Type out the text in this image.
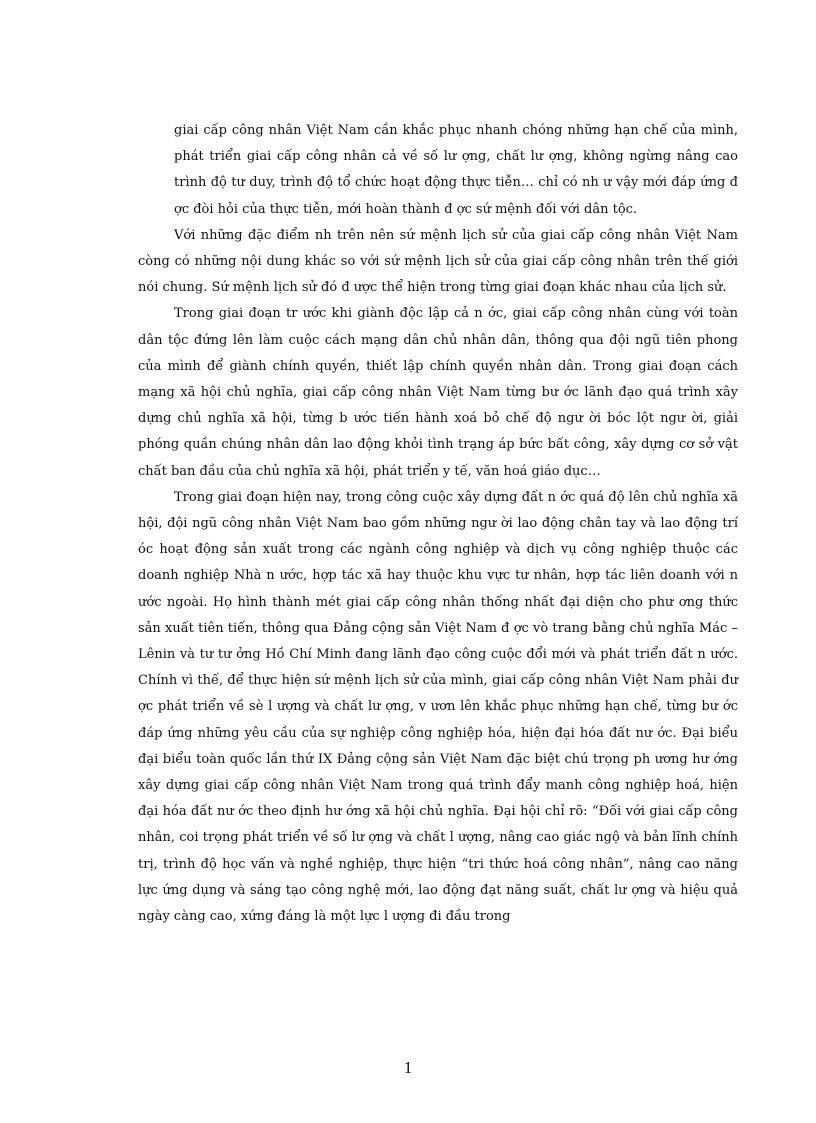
giai cấp công nhân Việt Nam cần khắc phục nhanh chóng những hạn chế của mình, phát triển giai cấp công nhân cả về số lư ợng, chất lư ợng, không ngừng nâng cao trình độ tư duy, trình độ tổ chức hoạt động thực tiễn… chỉ có nh ư vậy mới đáp ứng đ ợc đòi hỏi của thực tiễn, mới hoàn thành đ ợc sứ mệnh đối với dân tộc.

Với những đặc điểm nh trên nên sứ mệnh lịch sử của giai cấp công nhân Việt Nam còng có những nội dung khác so với sứ mệnh lịch sử của giai cấp công nhân trên thế giới nói chung. Sứ mệnh lịch sử đó đ ược thể hiện trong từng giai đoạn khác nhau của lịch sử.

Trong giai đoạn tr ước khi giành độc lập cả n ớc, giai cấp công nhân cùng với toàn dân tộc đứng lên làm cuộc cách mạng dân chủ nhân dân, thông qua đội ngũ tiên phong của mình để giành chính quyền, thiết lập chính quyền nhân dân. Trong giai đoạn cách mạng xã hội chủ nghĩa, giai cấp công nhân Việt Nam từng bư ớc lãnh đạo quá trình xây dựng chủ nghĩa xã hội, từng b ước tiến hành xoá bỏ chế độ ngư ời bóc lột ngư ời, giải phóng quần chúng nhân dân lao động khỏi tình trạng áp bức bất công, xây dựng cơ sở vật chất ban đầu của chủ nghĩa xã hội, phát triển y tế, văn hoá giáo dục…

Trong giai đoạn hiện nay, trong công cuộc xây dựng đất n ớc quá độ lên chủ nghĩa xã hội, đội ngũ công nhân Việt Nam bao gồm những ngư ời lao động chân tay và lao động trí óc hoạt động sản xuất trong các ngành công nghiệp và dịch vụ công nghiệp thuộc các doanh nghiệp Nhà n ước, hợp tác xã hay thuộc khu vực tư nhân, hợp tác liên doanh với n ước ngoài. Họ hình thành mét giai cấp công nhân thống nhất đại diện cho phư ơng thức sản xuất tiên tiến, thông qua Đảng cộng sản Việt Nam đ ợc vò trang bằng chủ nghĩa Mác – Lênin và tư tư ởng Hồ Chí Minh đang lãnh đạo công cuộc đổi mới và phát triển đất n ước. Chính vì thế, để thực hiện sứ mệnh lịch sử của mình, giai cấp công nhân Việt Nam phải đư ợc phát triển về sè l ượng và chất lư ợng, v ươn lên khắc phục những hạn chế, từng bư ớc đáp ứng những yêu cầu của sự nghiệp công nghiệp hóa, hiện đại hóa đất nư ớc. Đại biểu đại biểu toàn quốc lần thứ IX Đảng cộng sản Việt Nam đặc biệt chú trọng ph ương hư ớng xây dựng giai cấp công nhân Việt Nam trong quá trình đẩy manh công nghiệp hoá, hiện đại hóa đất nư ớc theo định hư ớng xã hội chủ nghĩa. Đại hội chỉ rõ: “Đối với giai cấp công nhân, coi trọng phát triển về số lư ợng và chất l ượng, nâng cao giác ngộ và bản lĩnh chính trị, trình độ học vấn và nghề nghiệp, thực hiện “tri thức hoá công nhân”, nâng cao năng lực ứng dụng và sáng tạo công nghệ mới, lao động đạt năng suất, chất lư ợng và hiệu quả ngày càng cao, xứng đáng là một lực l ượng đi đầu trong

1
